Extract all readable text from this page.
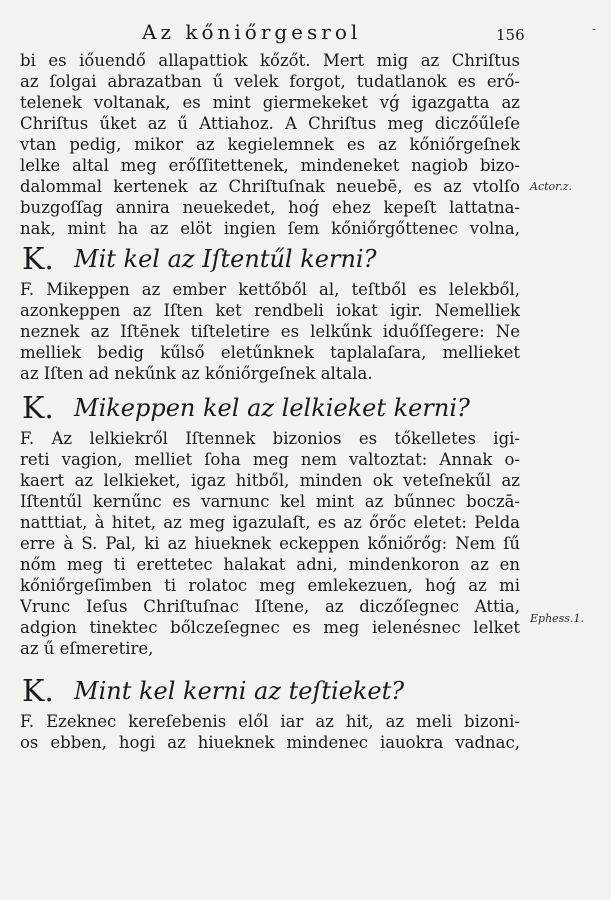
Az kőniőrgesrol	156	-
Actor.z.
Ephess.1.
bi es iőuendő allapattiok kőzőt. Mert mig az Chriſtus
az ſolgai abrazatban ű velek forgot, tudatlanok es erő-
telenek voltanak, es mint giermekeket vǵ igazgatta az
Chriſtus űket az ű Attiahoz. A Chriſtus meg diczőűleſe
vtan pedig, mikor az kegielemnek es az kőniőrgeſnek
lelke altal meg erőſſitettenek, mindeneket nagiob bizo-
dalommal kertenek az Chriſtuſnak neuebē, es az vtolſo
buzgoſſag annira neuekedet, hoǵ ehez kepeſt lattatna-
nak, mint ha az elöt ingien ſem kőniőrgőttenec volna,
K. Mit kel az Iſtentűl kerni?
F. Mikeppen az ember kettőből al, teſtből es lelekből,
azonkeppen az Iſten ket rendbeli iokat igir. Nemelliek
neznek az Iſtēnek tiſteletire es lelkűnk iduőſſegere: Ne
melliek bedig kűlső eletűnknek taplalaſara, mellieket
az Iſten ad nekűnk az kőniőrgeſnek altala.
K. Mikeppen kel az lelkieket kerni?
F. Az lelkiekről Iſtennek bizonios es tőkelletes igi-
reti vagion, melliet ſoha meg nem valtoztat: Annak o-
kaert az lelkieket, igaz hitből, minden ok veteſnekűl az
Iſtentűl kernűnc es varnunc kel mint az bűnnec boczā-
natttiat, à hitet, az meg igazulaſt, es az őrőc eletet: Pelda
erre à S. Pal, ki az hiueknek eckeppen kőniőrőg: Nem ſű
nőm meg ti erettetec halakat adni, mindenkoron az en
kőniőrgeſimben ti rolatoc meg emlekezuen, hoǵ az mi
Vrunc Ieſus Chriſtuſnac Iſtene, az diczőſegnec Attia,
adgion tinektec bőlczeſegnec es meg ielenésnec lelket
az ű eſmeretire,
K. Mint kel kerni az teſtieket?
F. Ezeknec kereſebenis elől iar az hit, az meli bizoni-
os ebben, hogi az hiueknek mindenec iauokra vadnac,
